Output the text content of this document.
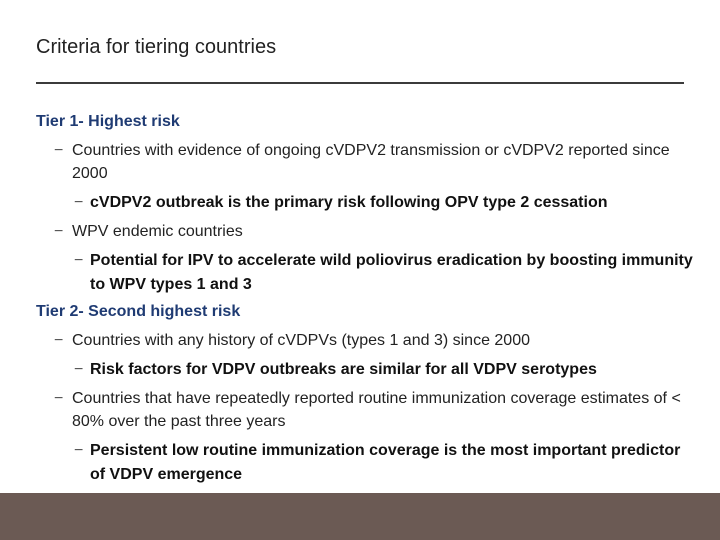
Criteria for tiering countries
Tier 1- Highest risk
− Countries with evidence of ongoing cVDPV2 transmission or cVDPV2 reported since 2000
− cVDPV2 outbreak is the primary risk following OPV type 2 cessation
− WPV endemic countries
− Potential for IPV to accelerate wild poliovirus eradication by boosting immunity to WPV types 1 and 3
Tier 2- Second highest risk
− Countries with any history of cVDPVs (types 1 and 3) since 2000
− Risk factors for VDPV outbreaks are similar for all VDPV serotypes
− Countries that have repeatedly reported routine immunization coverage estimates of < 80% over the past three years
− Persistent low routine immunization coverage is the most important predictor of VDPV emergence
